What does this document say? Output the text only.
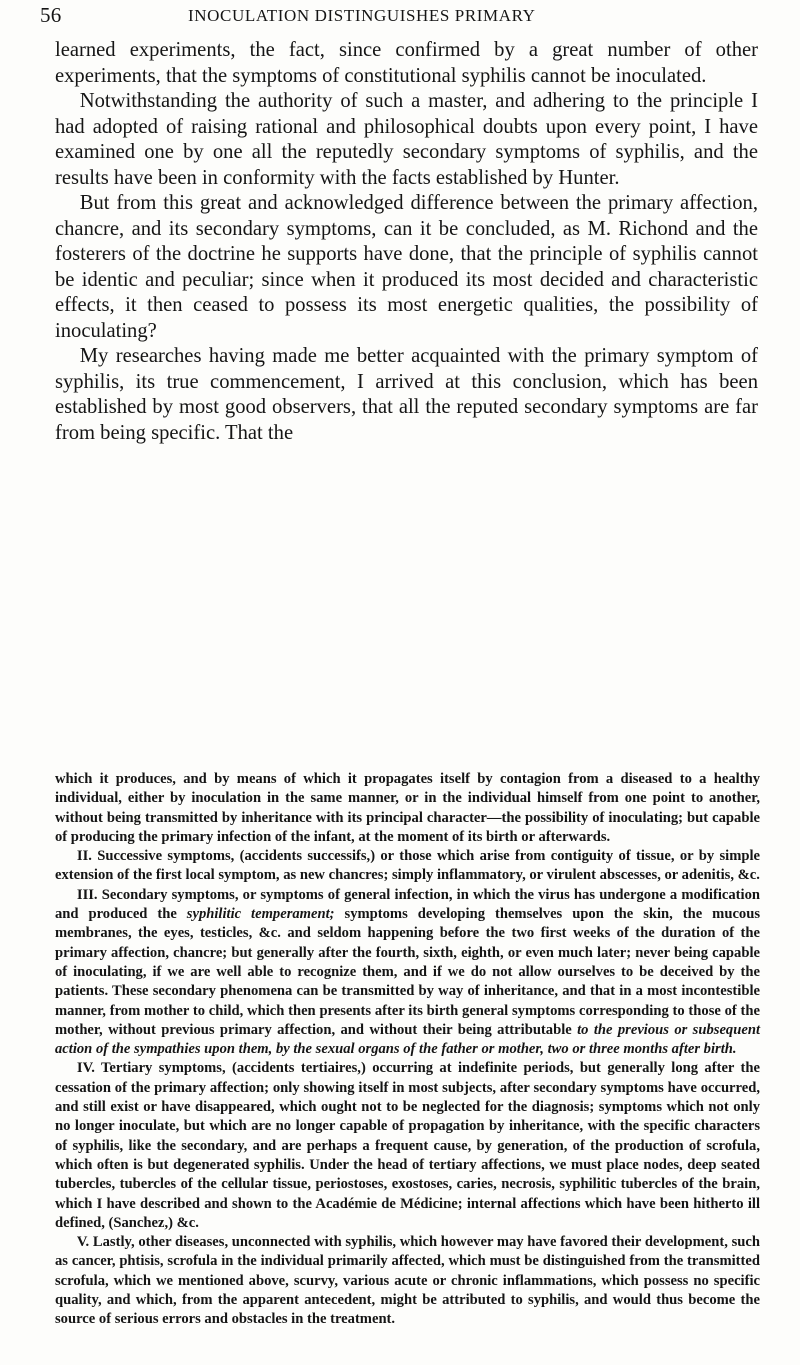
56	INOCULATION DISTINGUISHES PRIMARY

learned experiments, the fact, since confirmed by a great number of other experiments, that the symptoms of constitutional syphilis cannot be inoculated.

Notwithstanding the authority of such a master, and adhering to the principle I had adopted of raising rational and philosophical doubts upon every point, I have examined one by one all the reputedly secondary symptoms of syphilis, and the results have been in conformity with the facts established by Hunter.

But from this great and acknowledged difference between the primary affection, chancre, and its secondary symptoms, can it be concluded, as M. Richond and the fosterers of the doctrine he supports have done, that the principle of syphilis cannot be identic and peculiar; since when it produced its most decided and characteristic effects, it then ceased to possess its most energetic qualities, the possibility of inoculating?

My researches having made me better acquainted with the primary symptom of syphilis, its true commencement, I arrived at this conclusion, which has been established by most good observers, that all the reputed secondary symptoms are far from being specific. That the

which it produces, and by means of which it propagates itself by contagion from a diseased to a healthy individual, either by inoculation in the same manner, or in the individual himself from one point to another, without being transmitted by inheritance with its principal character—the possibility of inoculating; but capable of producing the primary infection of the infant, at the moment of its birth or afterwards.

II. Successive symptoms, (accidents successifs,) or those which arise from contiguity of tissue, or by simple extension of the first local symptom, as new chancres; simply inflammatory, or virulent abscesses, or adenitis, &c.

III. Secondary symptoms, or symptoms of general infection, in which the virus has undergone a modification and produced the syphilitic temperament; symptoms developing themselves upon the skin, the mucous membranes, the eyes, testicles, &c. and seldom happening before the two first weeks of the duration of the primary affection, chancre; but generally after the fourth, sixth, eighth, or even much later; never being capable of inoculating, if we are well able to recognize them, and if we do not allow ourselves to be deceived by the patients. These secondary phenomena can be transmitted by way of inheritance, and that in a most incontestible manner, from mother to child, which then presents after its birth general symptoms corresponding to those of the mother, without previous primary affection, and without their being attributable to the previous or subsequent action of the sympathies upon them, by the sexual organs of the father or mother, two or three months after birth.

IV. Tertiary symptoms, (accidents tertiaires,) occurring at indefinite periods, but generally long after the cessation of the primary affection; only showing itself in most subjects, after secondary symptoms have occurred, and still exist or have disappeared, which ought not to be neglected for the diagnosis; symptoms which not only no longer inoculate, but which are no longer capable of propagation by inheritance, with the specific characters of syphilis, like the secondary, and are perhaps a frequent cause, by generation, of the production of scrofula, which often is but degenerated syphilis. Under the head of tertiary affections, we must place nodes, deep seated tubercles, tubercles of the cellular tissue, periostoses, exostoses, caries, necrosis, syphilitic tubercles of the brain, which I have described and shown to the Académie de Médicine; internal affections which have been hitherto ill defined, (Sanchez,) &c.

V. Lastly, other diseases, unconnected with syphilis, which however may have favored their development, such as cancer, phtisis, scrofula in the individual primarily affected, which must be distinguished from the transmitted scrofula, which we mentioned above, scurvy, various acute or chronic inflammations, which possess no specific quality, and which, from the apparent antecedent, might be attributed to syphilis, and would thus become the source of serious errors and obstacles in the treatment.
